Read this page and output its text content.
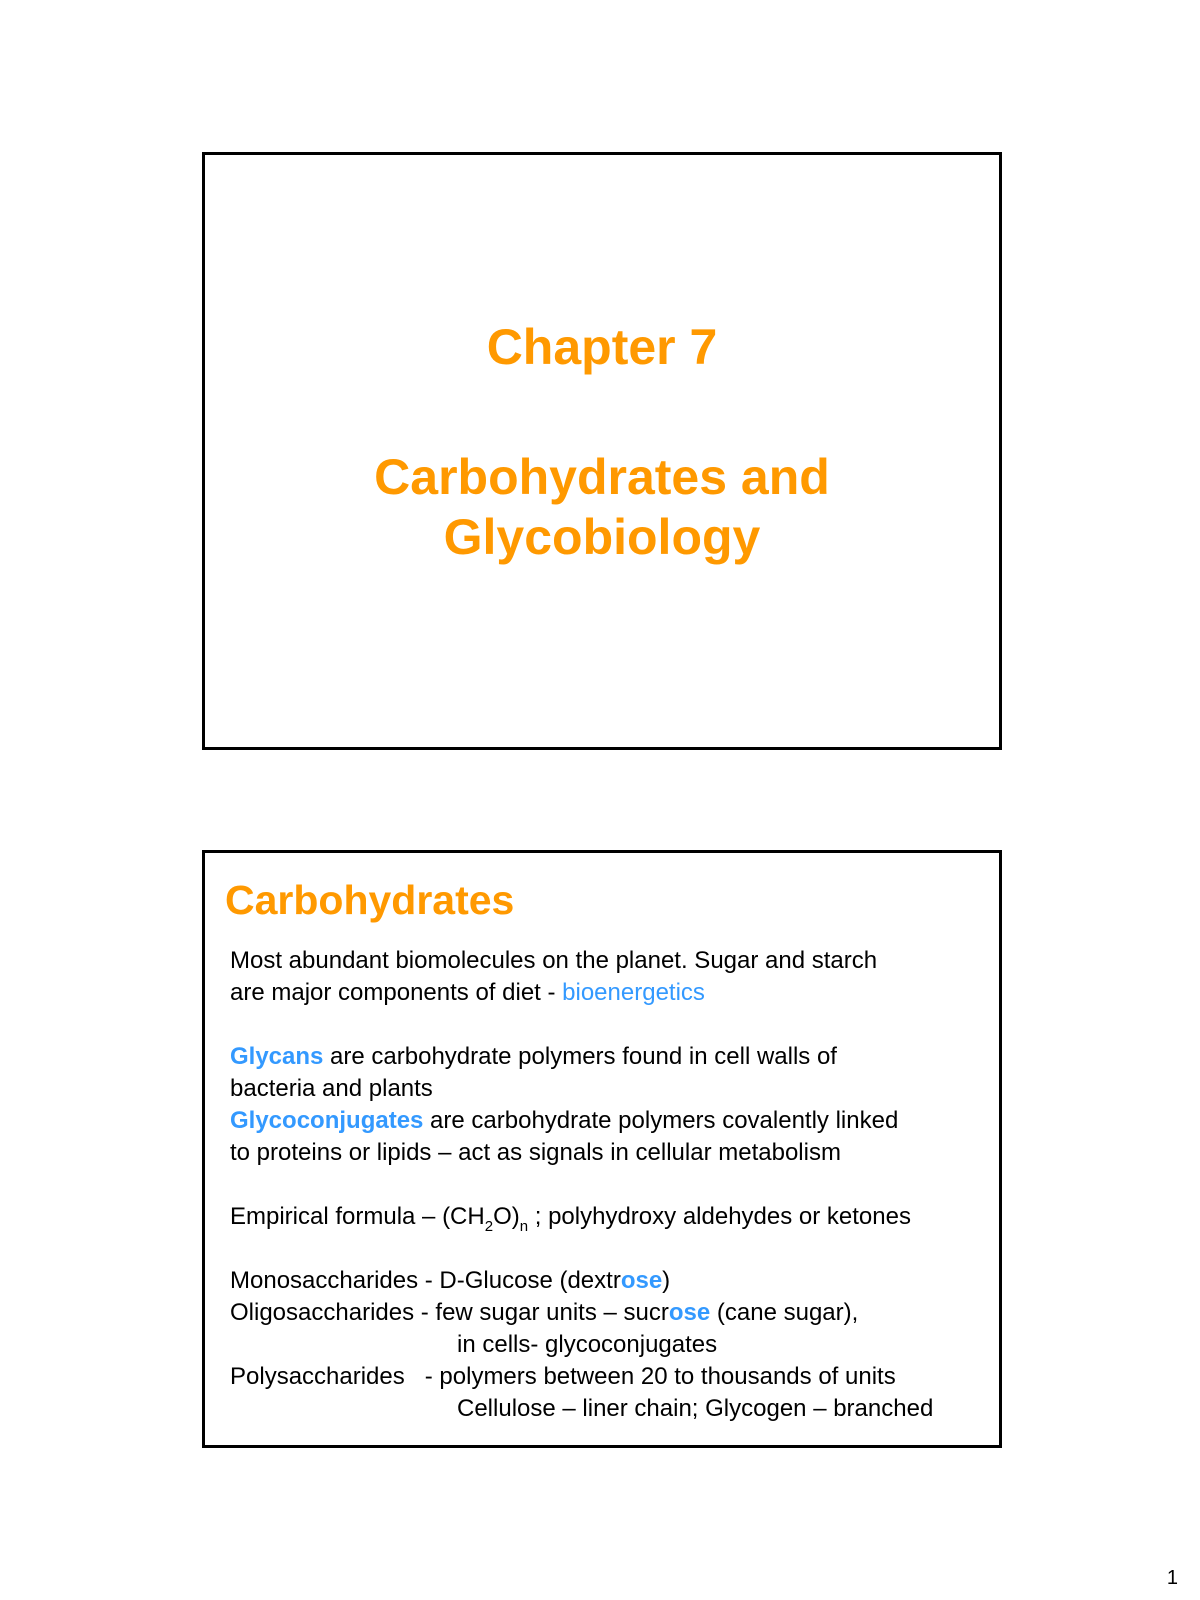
Chapter 7
Carbohydrates and
Glycobiology
Carbohydrates
Most abundant biomolecules on the planet. Sugar and starch
are major components of diet - bioenergetics
Glycans are carbohydrate polymers found in cell walls of
bacteria and plants
Glycoconjugates are carbohydrate polymers covalently linked
to proteins or lipids – act as signals in cellular metabolism
Empirical formula – $(CH_2O)_n$ ; polyhydroxy aldehydes or ketones
Monosaccharides - D-Glucose (dextrose)
Oligosaccharides - few sugar units – sucrose (cane sugar),
in cells- glycoconjugates
Polysaccharides   - polymers between 20 to thousands of units
Cellulose – liner chain; Glycogen – branched
1
